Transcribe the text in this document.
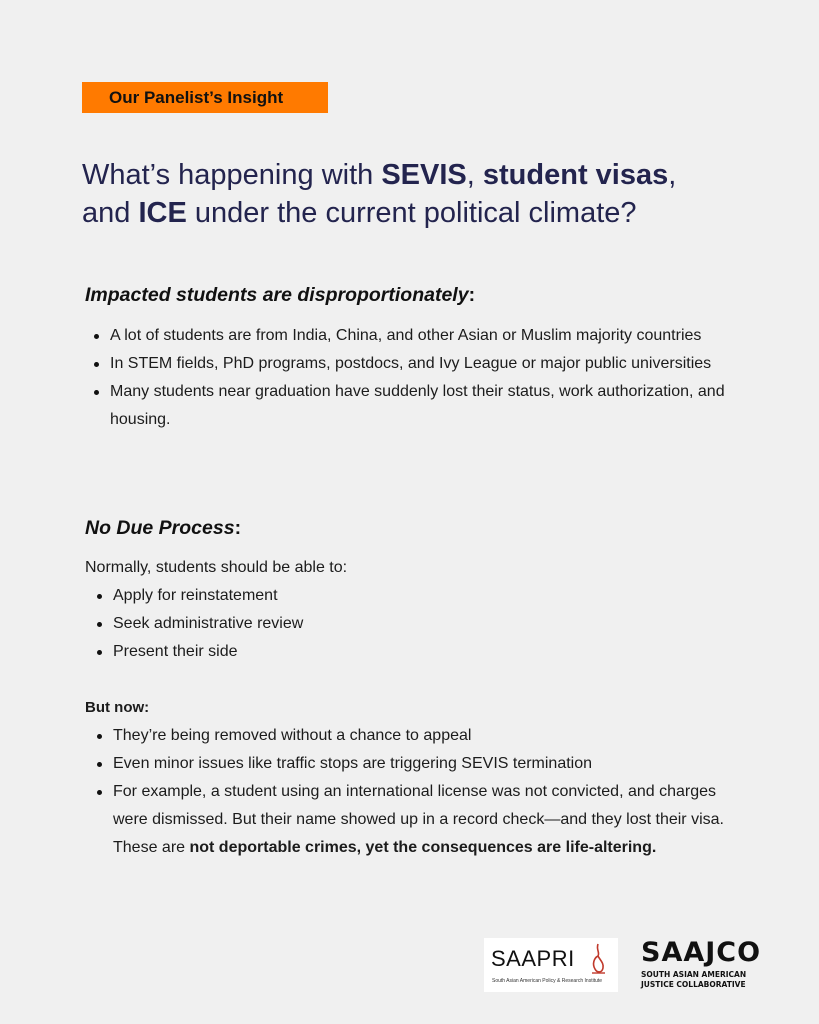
Our Panelist’s Insight
What’s happening with SEVIS, student visas,
and ICE under the current political climate?
Impacted students are disproportionately:
A lot of students are from India, China, and other Asian or Muslim majority countries
In STEM fields, PhD programs, postdocs, and Ivy League or major public universities
Many students near graduation have suddenly lost their status, work authorization, and housing.
No Due Process:

Normally, students should be able to:

Apply for reinstatement
Seek administrative review
Present their side

But now:

They’re being removed without a chance to appeal
Even minor issues like traffic stops are triggering SEVIS termination
For example, a student using an international license was not convicted, and charges were dismissed. But their name showed up in a record check—and they lost their visa. These are not deportable crimes, yet the consequences are life-altering.
SAAPRI
South Asian American Policy & Research Institute
SAAJCO
SOUTH ASIAN AMERICAN
JUSTICE COLLABORATIVE
